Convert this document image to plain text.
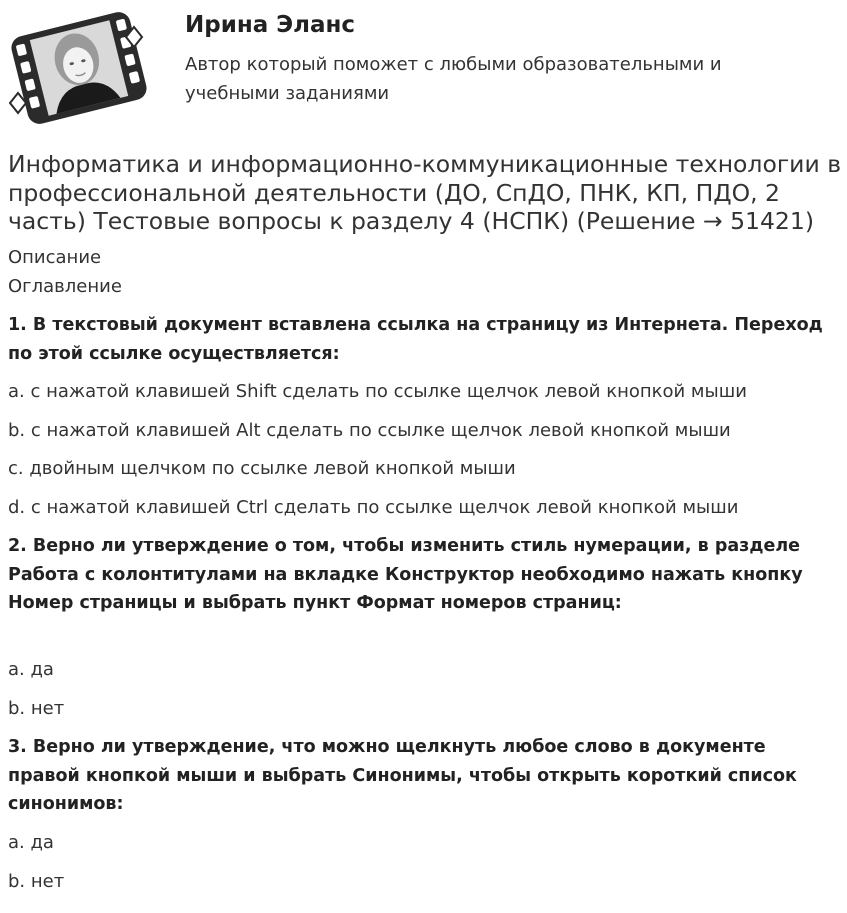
Ирина Эланс
Автор который поможет с любыми образовательными и учебными заданиями
Информатика и информационно-коммуникационные технологии в профессиональной деятельности (ДО, СпДО, ПНК, КП, ПДО, 2 часть) Тестовые вопросы к разделу 4 (НСПК) (Решение → 51421)
Описание
Оглавление
1. В текстовый документ вставлена ссылка на страницу из Интернета. Переход по этой ссылке осуществляется:
a. с нажатой клавишей Shift сделать по ссылке щелчок левой кнопкой мыши
b. с нажатой клавишей Alt сделать по ссылке щелчок левой кнопкой мыши
c. двойным щелчком по ссылке левой кнопкой мыши
d. с нажатой клавишей Ctrl сделать по ссылке щелчок левой кнопкой мыши
2. Верно ли утверждение о том, чтобы изменить стиль нумерации, в разделе Работа с колонтитулами на вкладке Конструктор необходимо нажать кнопку Номер страницы и выбрать пункт Формат номеров страниц:
a. да
b. нет
3. Верно ли утверждение, что можно щелкнуть любое слово в документе правой кнопкой мыши и выбрать Синонимы, чтобы открыть короткий список синонимов:
a. да
b. нет
